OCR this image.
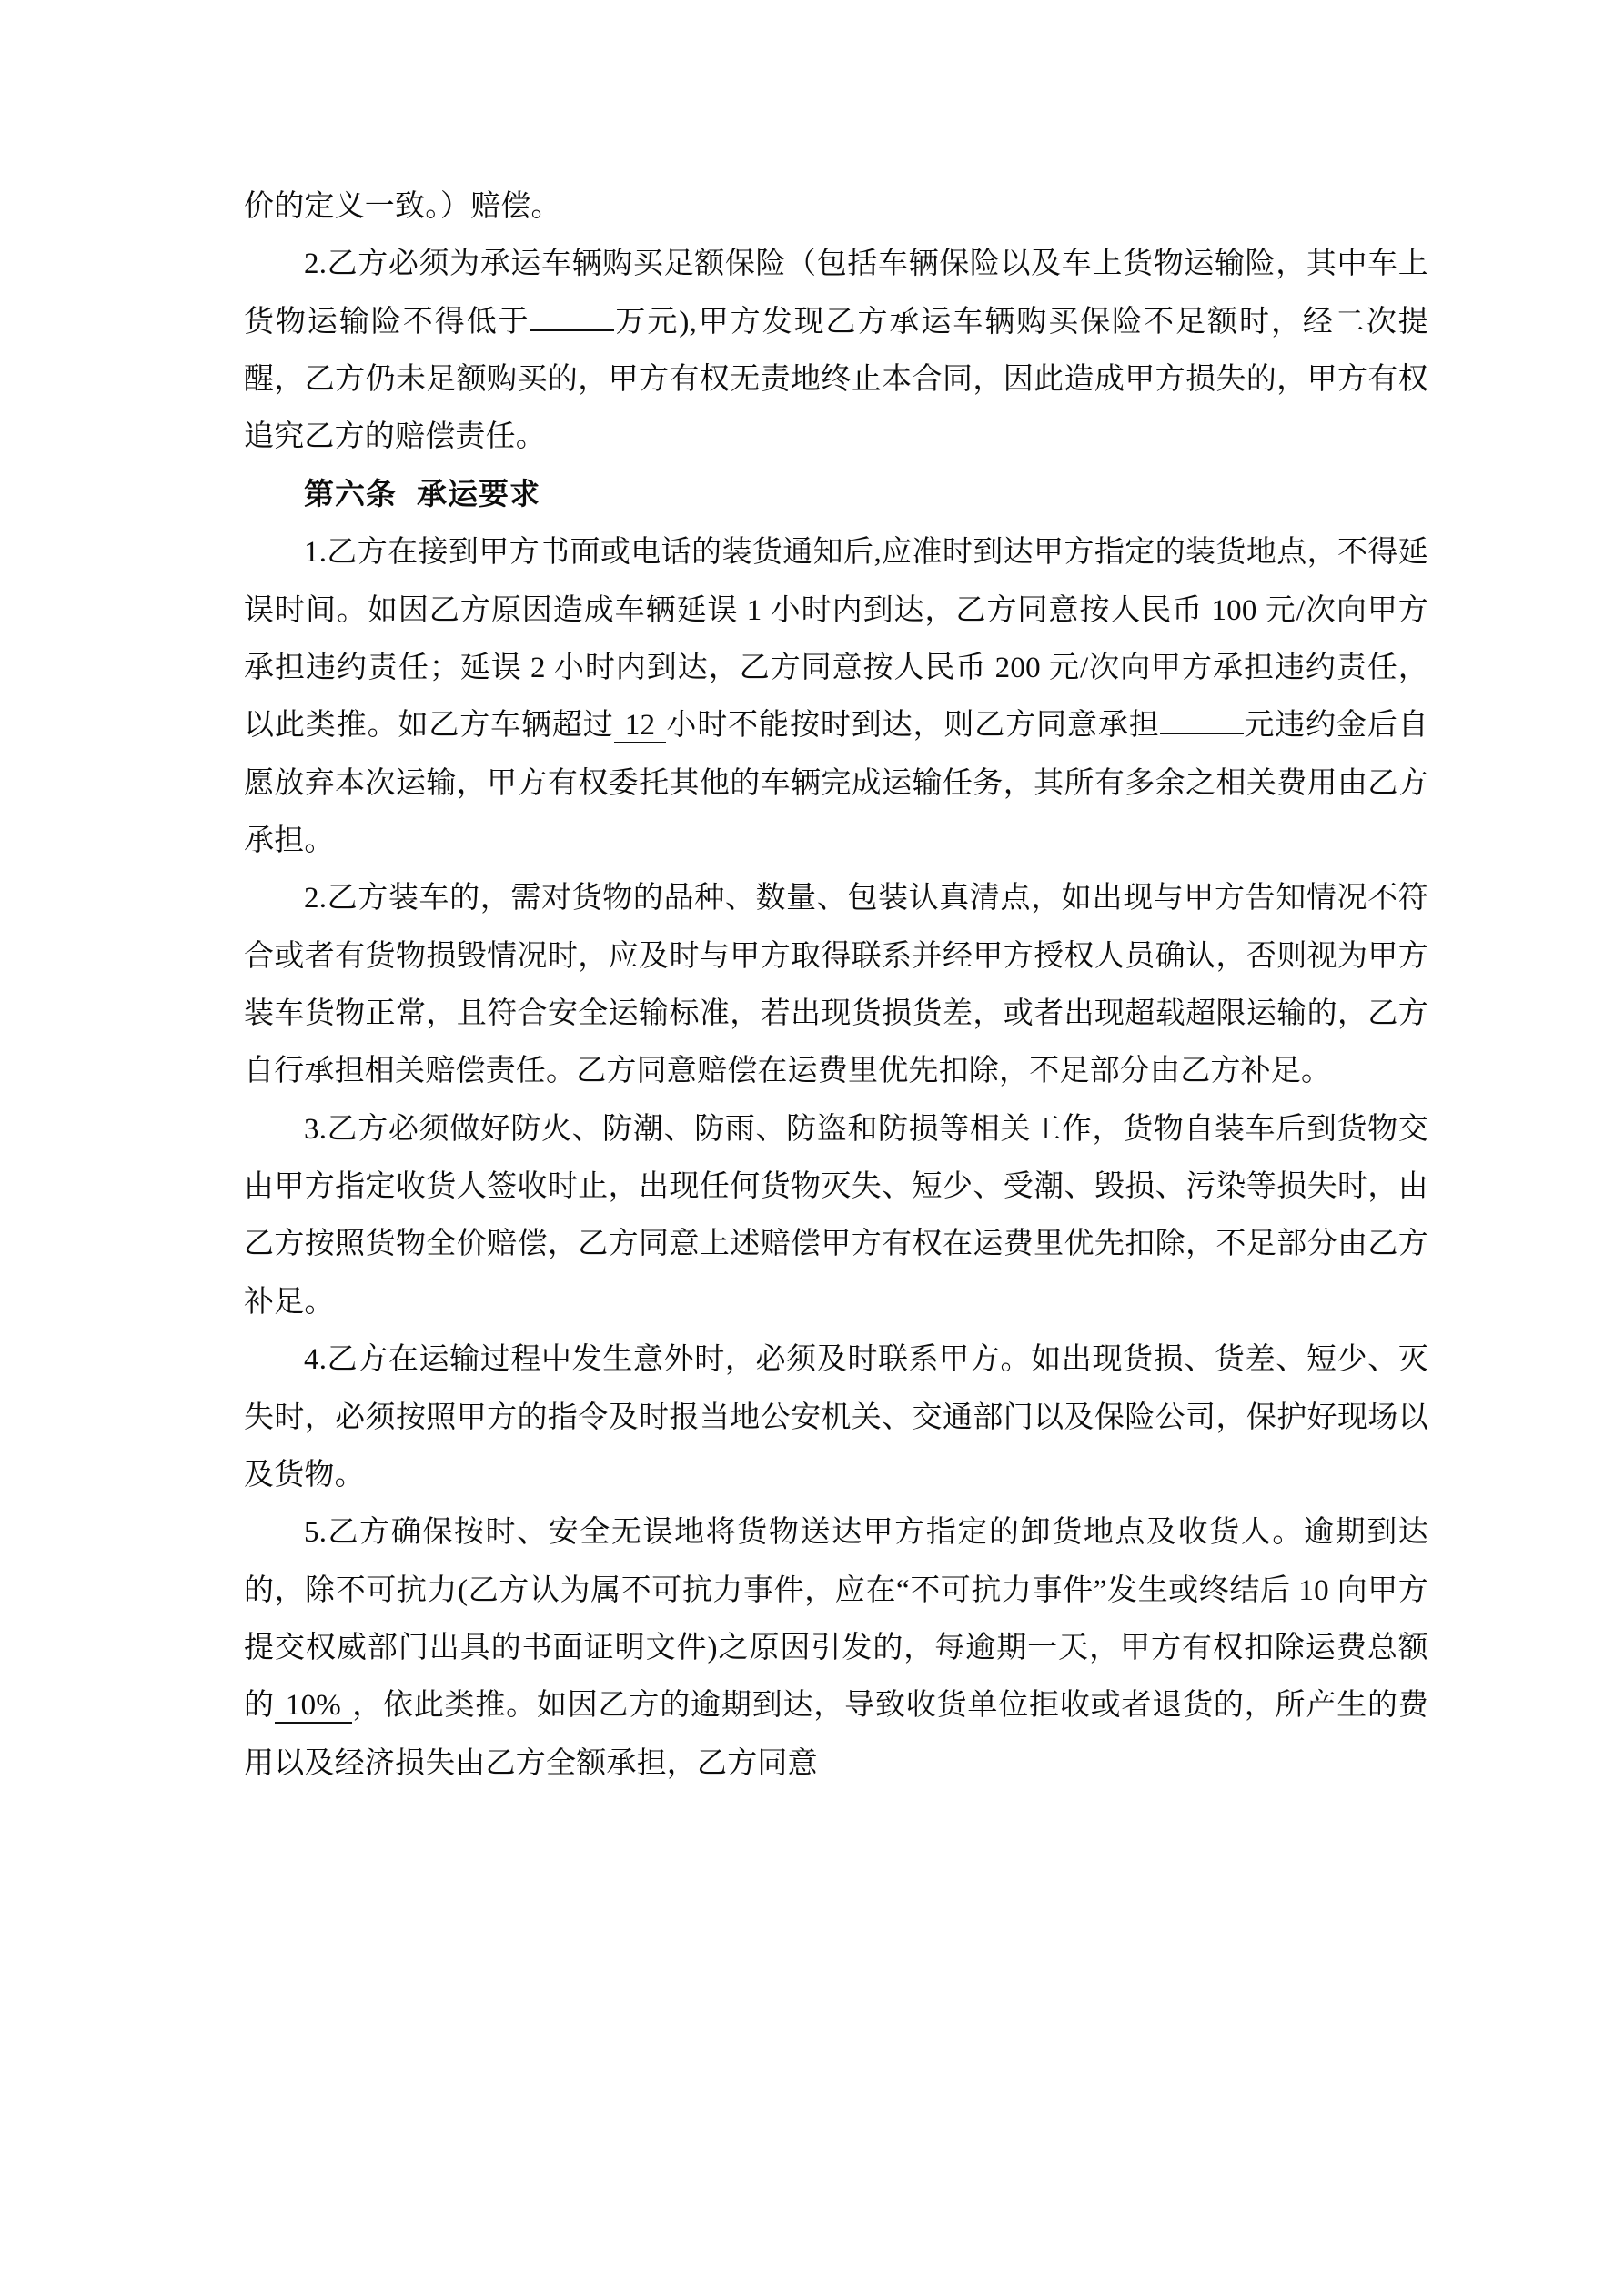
价的定义一致。）赔偿。

2.乙方必须为承运车辆购买足额保险（包括车辆保险以及车上货物运输险，其中车上货物运输险不得低于	万元),甲方发现乙方承运车辆购买保险不足额时，经二次提醒，乙方仍未足额购买的，甲方有权无责地终止本合同，因此造成甲方损失的，甲方有权追究乙方的赔偿责任。

第六条 承运要求

1.乙方在接到甲方书面或电话的装货通知后,应准时到达甲方指定的装货地点，不得延误时间。如因乙方原因造成车辆延误 1 小时内到达，乙方同意按人民币 100 元/次向甲方承担违约责任；延误 2 小时内到达，乙方同意按人民币 200 元/次向甲方承担违约责任，以此类推。如乙方车辆超过 12 小时不能按时到达，则乙方同意承担	元违约金后自愿放弃本次运输，甲方有权委托其他的车辆完成运输任务，其所有多余之相关费用由乙方承担。

2.乙方装车的，需对货物的品种、数量、包装认真清点，如出现与甲方告知情况不符合或者有货物损毁情况时，应及时与甲方取得联系并经甲方授权人员确认，否则视为甲方装车货物正常，且符合安全运输标准，若出现货损货差，或者出现超载超限运输的，乙方自行承担相关赔偿责任。乙方同意赔偿在运费里优先扣除，不足部分由乙方补足。

3.乙方必须做好防火、防潮、防雨、防盗和防损等相关工作，货物自装车后到货物交由甲方指定收货人签收时止，出现任何货物灭失、短少、受潮、毁损、污染等损失时，由乙方按照货物全价赔偿，乙方同意上述赔偿甲方有权在运费里优先扣除，不足部分由乙方补足。

4.乙方在运输过程中发生意外时，必须及时联系甲方。如出现货损、货差、短少、灭失时，必须按照甲方的指令及时报当地公安机关、交通部门以及保险公司，保护好现场以及货物。

5.乙方确保按时、安全无误地将货物送达甲方指定的卸货地点及收货人。逾期到达的，除不可抗力(乙方认为属不可抗力事件，应在“不可抗力事件”发生或终结后 10 向甲方提交权威部门出具的书面证明文件)之原因引发的，每逾期一天，甲方有权扣除运费总额的 10% ，依此类推。如因乙方的逾期到达，导致收货单位拒收或者退货的，所产生的费用以及经济损失由乙方全额承担，乙方同意
